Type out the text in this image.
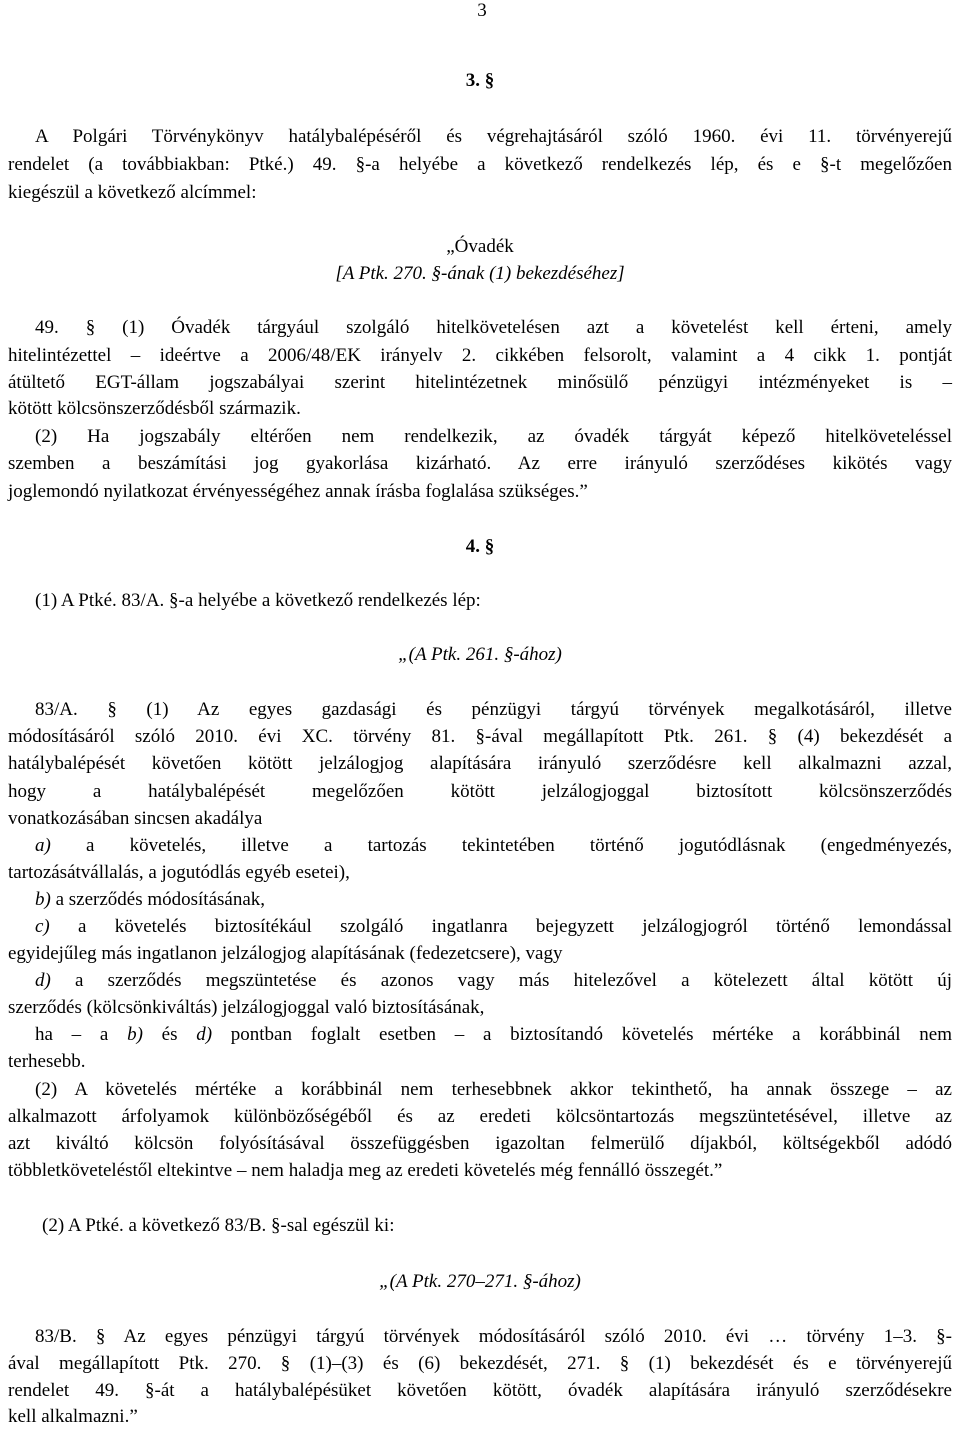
3
3. §
A Polgári Törvénykönyv hatálybalépéséről és végrehajtásáról szóló 1960. évi 11. törvényerejű
rendelet (a továbbiakban: Ptké.) 49. §-a helyébe a következő rendelkezés lép, és e §-t megelőzően
kiegészül a következő alcímmel:
„Óvadék
[A Ptk. 270. §-ának (1) bekezdéséhez]
49. § (1) Óvadék tárgyául szolgáló hitelkövetelésen azt a követelést kell érteni, amely
hitelintézettel – ideértve a 2006/48/EK irányelv 2. cikkében felsorolt, valamint a 4 cikk 1. pontját
átültető EGT-állam jogszabályai szerint hitelintézetnek minősülő pénzügyi intézményeket is –
kötött kölcsönszerződésből származik.
(2) Ha jogszabály eltérően nem rendelkezik, az óvadék tárgyát képező hitelköveteléssel
szemben a beszámítási jog gyakorlása kizárható. Az erre irányuló szerződéses kikötés vagy
joglemondó nyilatkozat érvényességéhez annak írásba foglalása szükséges.”
4. §
(1) A Ptké. 83/A. §-a helyébe a következő rendelkezés lép:
„(A Ptk. 261. §-ához)
83/A. § (1) Az egyes gazdasági és pénzügyi tárgyú törvények megalkotásáról, illetve
módosításáról szóló 2010. évi XC. törvény 81. §-ával megállapított Ptk. 261. § (4) bekezdését a
hatálybalépését követően kötött jelzálogjog alapítására irányuló szerződésre kell alkalmazni azzal,
hogy a hatálybalépését megelőzően kötött jelzálogjoggal biztosított kölcsönszerződés
vonatkozásában sincsen akadálya
a) a követelés, illetve a tartozás tekintetében történő jogutódlásnak (engedményezés,
tartozásátvállalás, a jogutódlás egyéb esetei),
b) a szerződés módosításának,
c) a követelés biztosítékául szolgáló ingatlanra bejegyzett jelzálogjogról történő lemondással
egyidejűleg más ingatlanon jelzálogjog alapításának (fedezetcsere), vagy
d) a szerződés megszüntetése és azonos vagy más hitelezővel a kötelezett által kötött új
szerződés (kölcsönkiváltás) jelzálogjoggal való biztosításának,
ha – a b) és d) pontban foglalt esetben – a biztosítandó követelés mértéke a korábbinál nem
terhesebb.
(2) A követelés mértéke a korábbinál nem terhesebbnek akkor tekinthető, ha annak összege – az
alkalmazott árfolyamok különbözőségéből és az eredeti kölcsöntartozás megszüntetésével, illetve az
azt kiváltó kölcsön folyósításával összefüggésben igazoltan felmerülő díjakból, költségekből adódó
többletköveteléstől eltekintve – nem haladja meg az eredeti követelés még fennálló összegét.”
(2) A Ptké. a következő 83/B. §-sal egészül ki:
„(A Ptk. 270–271. §-ához)
83/B. § Az egyes pénzügyi tárgyú törvények módosításáról szóló 2010. évi … törvény 1–3. §-
ával megállapított Ptk. 270. § (1)–(3) és (6) bekezdését, 271. § (1) bekezdését és e törvényerejű
rendelet 49. §-át a hatálybalépésüket követően kötött, óvadék alapítására irányuló szerződésekre
kell alkalmazni.”
